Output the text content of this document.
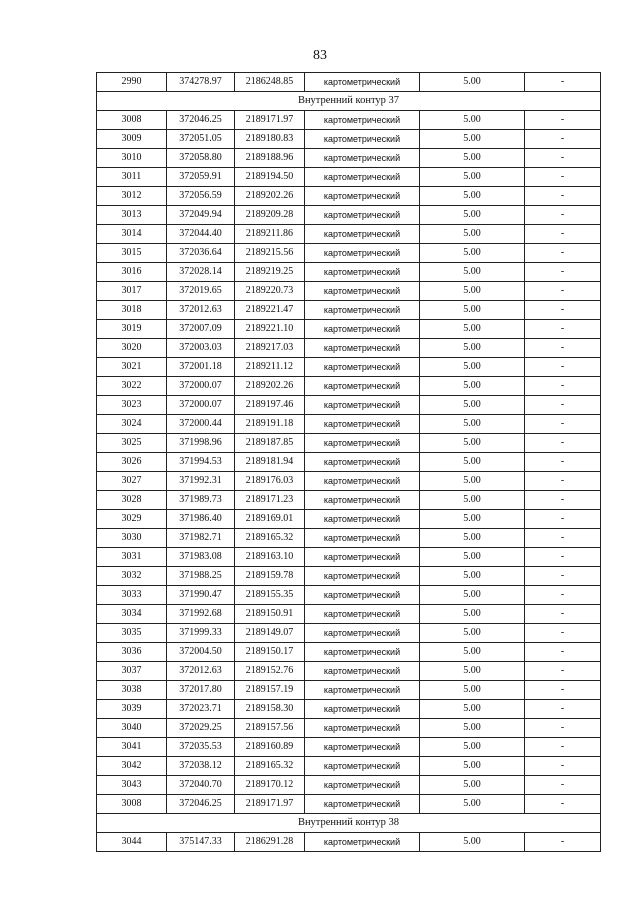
83
2990	374278.97	2186248.85	картометрический	5.00	-
Внутренний контур 37					
3008	372046.25	2189171.97	картометрический	5.00	-
3009	372051.05	2189180.83	картометрический	5.00	-
3010	372058.80	2189188.96	картометрический	5.00	-
3011	372059.91	2189194.50	картометрический	5.00	-
3012	372056.59	2189202.26	картометрический	5.00	-
3013	372049.94	2189209.28	картометрический	5.00	-
3014	372044.40	2189211.86	картометрический	5.00	-
3015	372036.64	2189215.56	картометрический	5.00	-
3016	372028.14	2189219.25	картометрический	5.00	-
3017	372019.65	2189220.73	картометрический	5.00	-
3018	372012.63	2189221.47	картометрический	5.00	-
3019	372007.09	2189221.10	картометрический	5.00	-
3020	372003.03	2189217.03	картометрический	5.00	-
3021	372001.18	2189211.12	картометрический	5.00	-
3022	372000.07	2189202.26	картометрический	5.00	-
3023	372000.07	2189197.46	картометрический	5.00	-
3024	372000.44	2189191.18	картометрический	5.00	-
3025	371998.96	2189187.85	картометрический	5.00	-
3026	371994.53	2189181.94	картометрический	5.00	-
3027	371992.31	2189176.03	картометрический	5.00	-
3028	371989.73	2189171.23	картометрический	5.00	-
3029	371986.40	2189169.01	картометрический	5.00	-
3030	371982.71	2189165.32	картометрический	5.00	-
3031	371983.08	2189163.10	картометрический	5.00	-
3032	371988.25	2189159.78	картометрический	5.00	-
3033	371990.47	2189155.35	картометрический	5.00	-
3034	371992.68	2189150.91	картометрический	5.00	-
3035	371999.33	2189149.07	картометрический	5.00	-
3036	372004.50	2189150.17	картометрический	5.00	-
3037	372012.63	2189152.76	картометрический	5.00	-
3038	372017.80	2189157.19	картометрический	5.00	-
3039	372023.71	2189158.30	картометрический	5.00	-
3040	372029.25	2189157.56	картометрический	5.00	-
3041	372035.53	2189160.89	картометрический	5.00	-
3042	372038.12	2189165.32	картометрический	5.00	-
3043	372040.70	2189170.12	картометрический	5.00	-
3008	372046.25	2189171.97	картометрический	5.00	-
Внутренний контур 38					
3044	375147.33	2186291.28	картометрический	5.00	-
